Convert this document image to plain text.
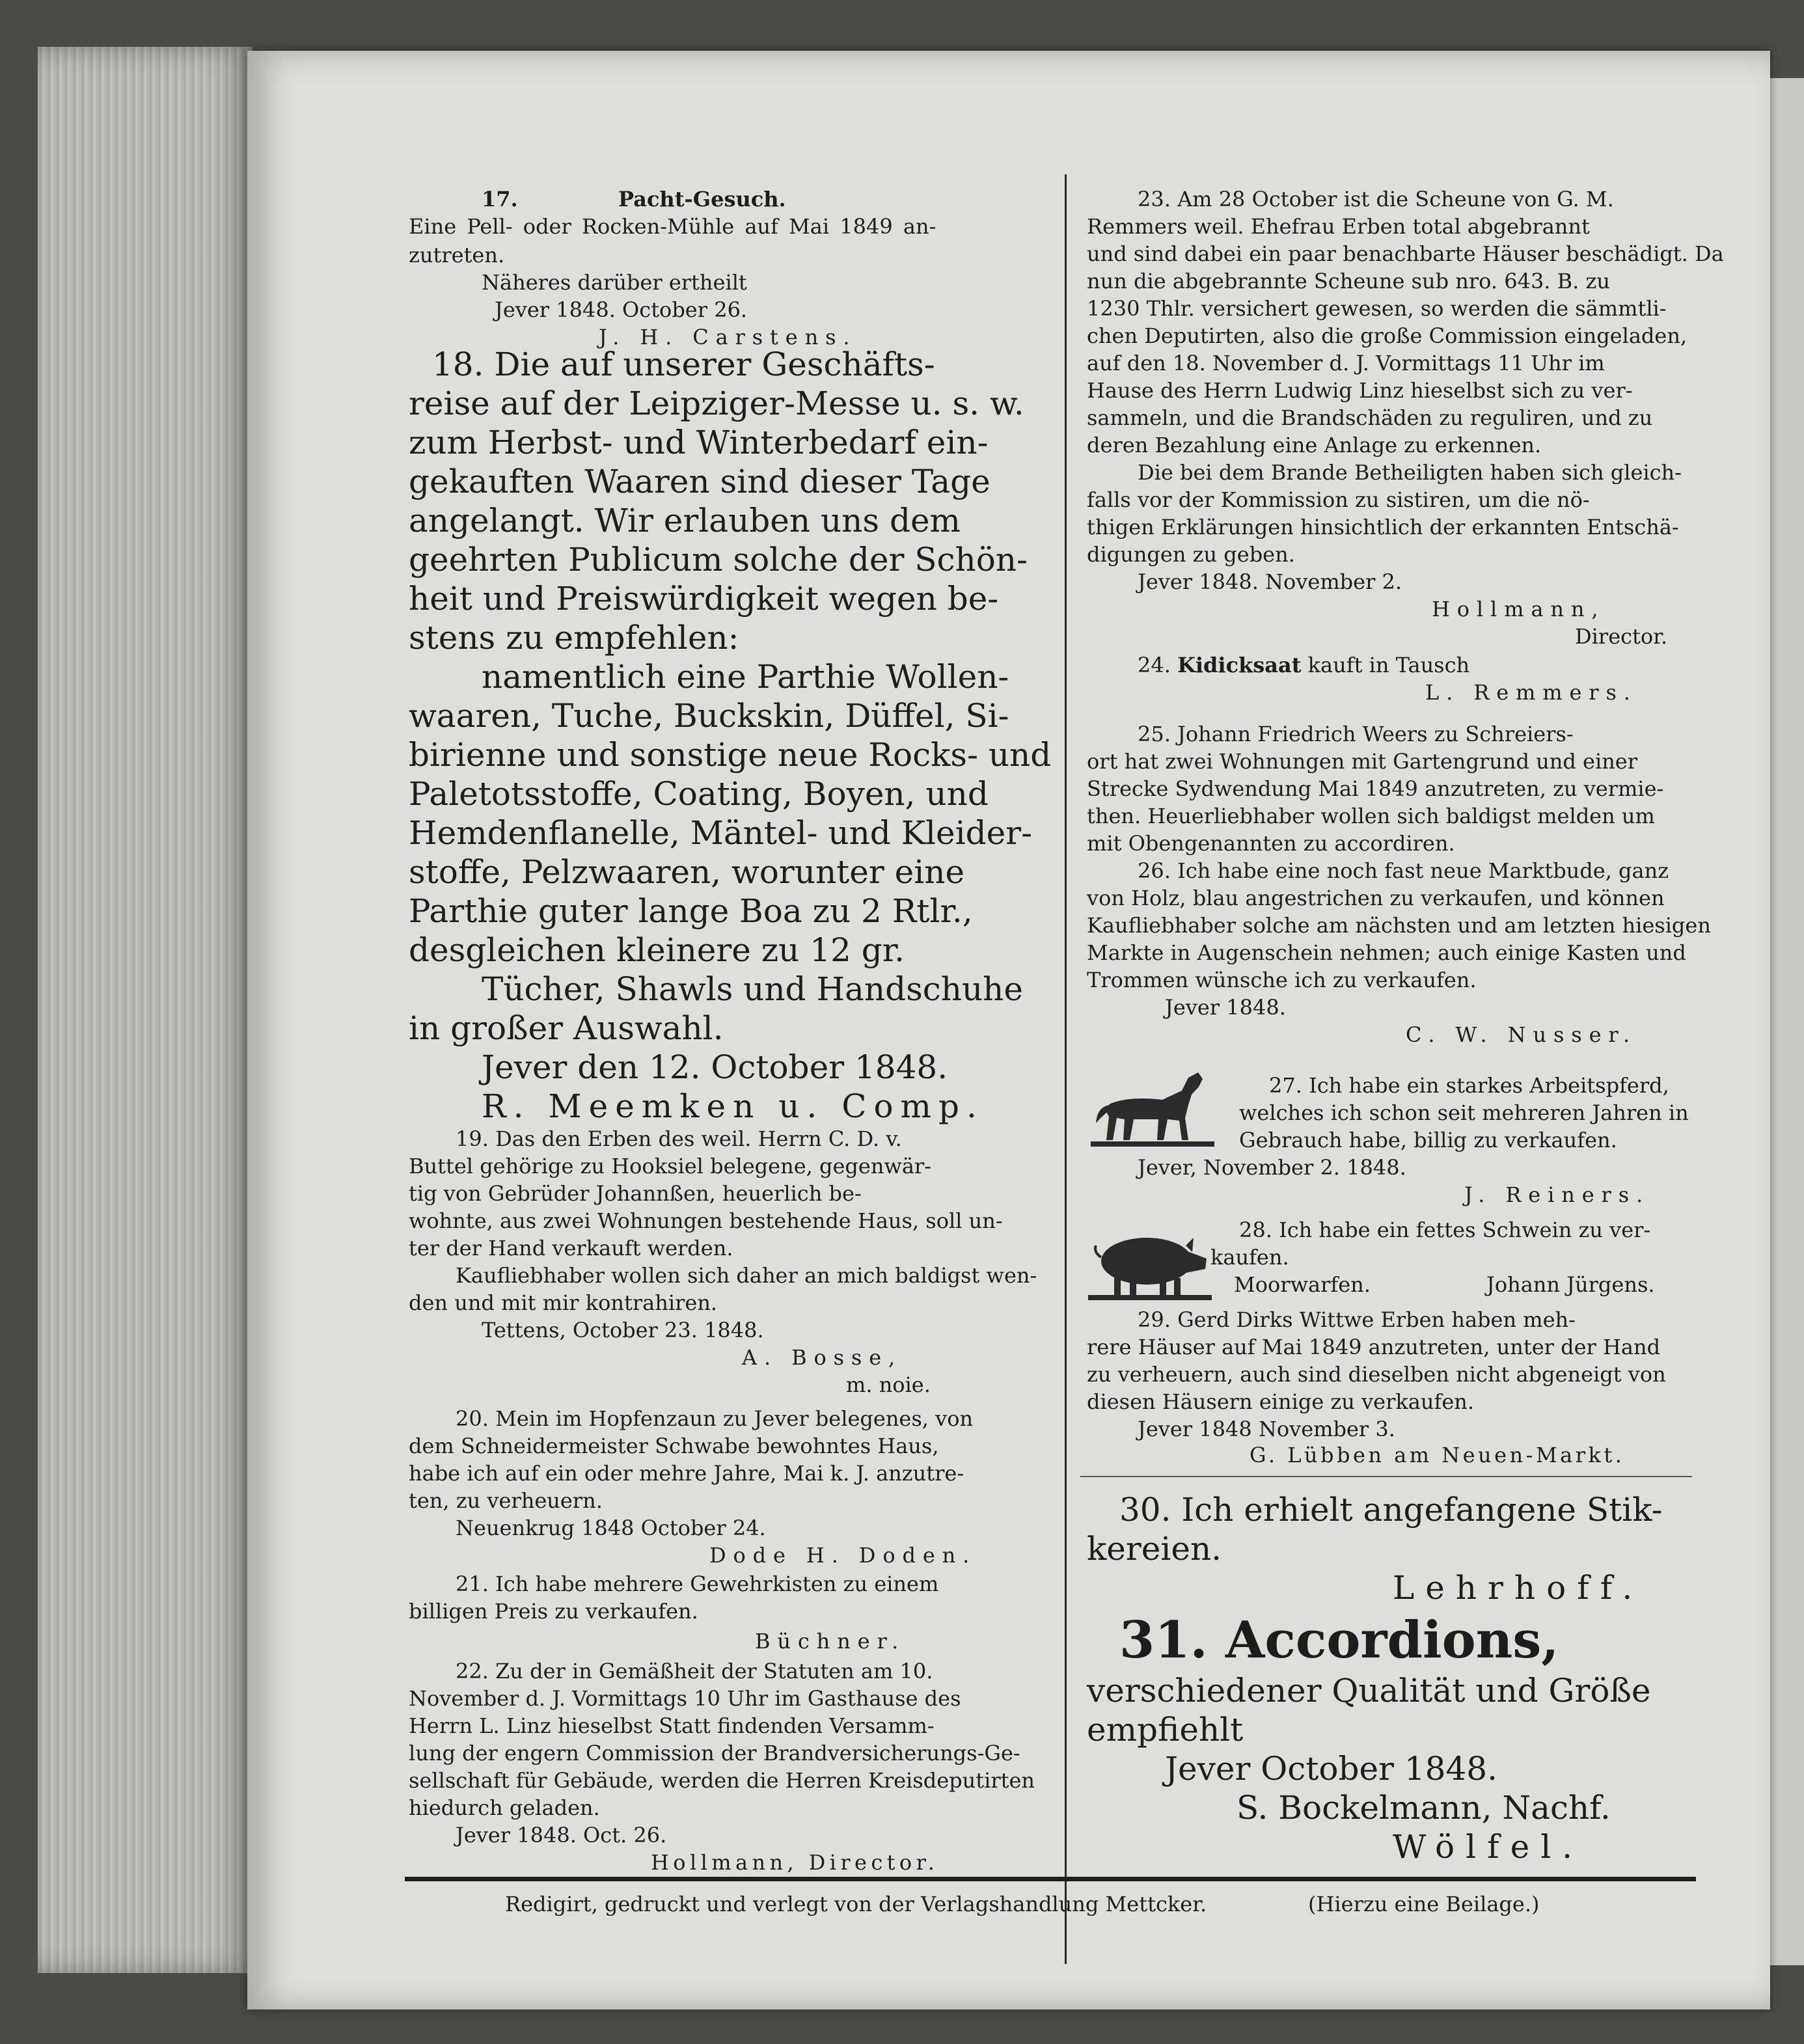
17.	Pacht-Gesuch.
Eine Pell- oder Rocken-Mühle auf Mai 1849 an-
zutreten.
Näheres darüber ertheilt
Jever 1848. October 26.
J. H. Carstens.
18. Die auf unserer Geschäfts-
reise auf der Leipziger-Messe u. s. w.
zum Herbst- und Winterbedarf ein-
gekauften Waaren sind dieser Tage
angelangt. Wir erlauben uns dem
geehrten Publicum solche der Schön-
heit und Preiswürdigkeit wegen be-
stens zu empfehlen:
namentlich eine Parthie Wollen-
waaren, Tuche, Buckskin, Düffel, Si-
birienne und sonstige neue Rocks- und
Paletotsstoffe, Coating, Boyen, und
Hemdenflanelle, Mäntel- und Kleider-
stoffe, Pelzwaaren, worunter eine
Parthie guter lange Boa zu 2 Rtlr.,
desgleichen kleinere zu 12 gr.
Tücher, Shawls und Handschuhe
in großer Auswahl.
Jever den 12. October 1848.
R. Meemken u. Comp.
19. Das den Erben des weil. Herrn C. D. v.
Buttel gehörige zu Hooksiel belegene, gegenwär-
tig von Gebrüder Johannßen, heuerlich be-
wohnte, aus zwei Wohnungen bestehende Haus, soll un-
ter der Hand verkauft werden.
Kaufliebhaber wollen sich daher an mich baldigst wen-
den und mit mir kontrahiren.
Tettens, October 23. 1848.
A. Bosse,
m. noie.
20. Mein im Hopfenzaun zu Jever belegenes, von
dem Schneidermeister Schwabe bewohntes Haus,
habe ich auf ein oder mehre Jahre, Mai k. J. anzutre-
ten, zu verheuern.
Neuenkrug 1848 October 24.
Dode H. Doden.
21. Ich habe mehrere Gewehrkisten zu einem
billigen Preis zu verkaufen.
Büchner.
22. Zu der in Gemäßheit der Statuten am 10.
November d. J. Vormittags 10 Uhr im Gasthause des
Herrn L. Linz hieselbst Statt findenden Versamm-
lung der engern Commission der Brandversicherungs-Ge-
sellschaft für Gebäude, werden die Herren Kreisdeputirten
hiedurch geladen.
Jever 1848. Oct. 26.
Hollmann, Director.
23. Am 28 October ist die Scheune von G. M.
Remmers weil. Ehefrau Erben total abgebrannt
und sind dabei ein paar benachbarte Häuser beschädigt. Da
nun die abgebrannte Scheune sub nro. 643. B. zu
1230 Thlr. versichert gewesen, so werden die sämmtli-
chen Deputirten, also die große Commission eingeladen,
auf den 18. November d. J. Vormittags 11 Uhr im
Hause des Herrn Ludwig Linz hieselbst sich zu ver-
sammeln, und die Brandschäden zu reguliren, und zu
deren Bezahlung eine Anlage zu erkennen.
Die bei dem Brande Betheiligten haben sich gleich-
falls vor der Kommission zu sistiren, um die nö-
thigen Erklärungen hinsichtlich der erkannten Entschä-
digungen zu geben.
Jever 1848. November 2.
Hollmann,
Director.
24. Kidicksaat kauft in Tausch
L. Remmers.
25. Johann Friedrich Weers zu Schreiers-
ort hat zwei Wohnungen mit Gartengrund und einer
Strecke Sydwendung Mai 1849 anzutreten, zu vermie-
then. Heuerliebhaber wollen sich baldigst melden um
mit Obengenannten zu accordiren.
26. Ich habe eine noch fast neue Marktbude, ganz
von Holz, blau angestrichen zu verkaufen, und können
Kaufliebhaber solche am nächsten und am letzten hiesigen
Markte in Augenschein nehmen; auch einige Kasten und
Trommen wünsche ich zu verkaufen.
Jever 1848.
C. W. Nusser.
27. Ich habe ein starkes Arbeitspferd,
welches ich schon seit mehreren Jahren in
Gebrauch habe, billig zu verkaufen.
Jever, November 2. 1848.
J. Reiners.
28. Ich habe ein fettes Schwein zu ver-
kaufen.
Moorwarfen.	Johann Jürgens.
29. Gerd Dirks Wittwe Erben haben meh-
rere Häuser auf Mai 1849 anzutreten, unter der Hand
zu verheuern, auch sind dieselben nicht abgeneigt von
diesen Häusern einige zu verkaufen.
Jever 1848 November 3.
G. Lübben am Neuen-Markt.
30. Ich erhielt angefangene Stik-
kereien.
Lehrhoff.
31. Accordions,
verschiedener Qualität und Größe
empfiehlt
Jever October 1848.
S. Bockelmann, Nachf.
Wölfel.
Redigirt, gedruckt und verlegt von der Verlagshandlung Mettcker.	(Hierzu eine Beilage.)
